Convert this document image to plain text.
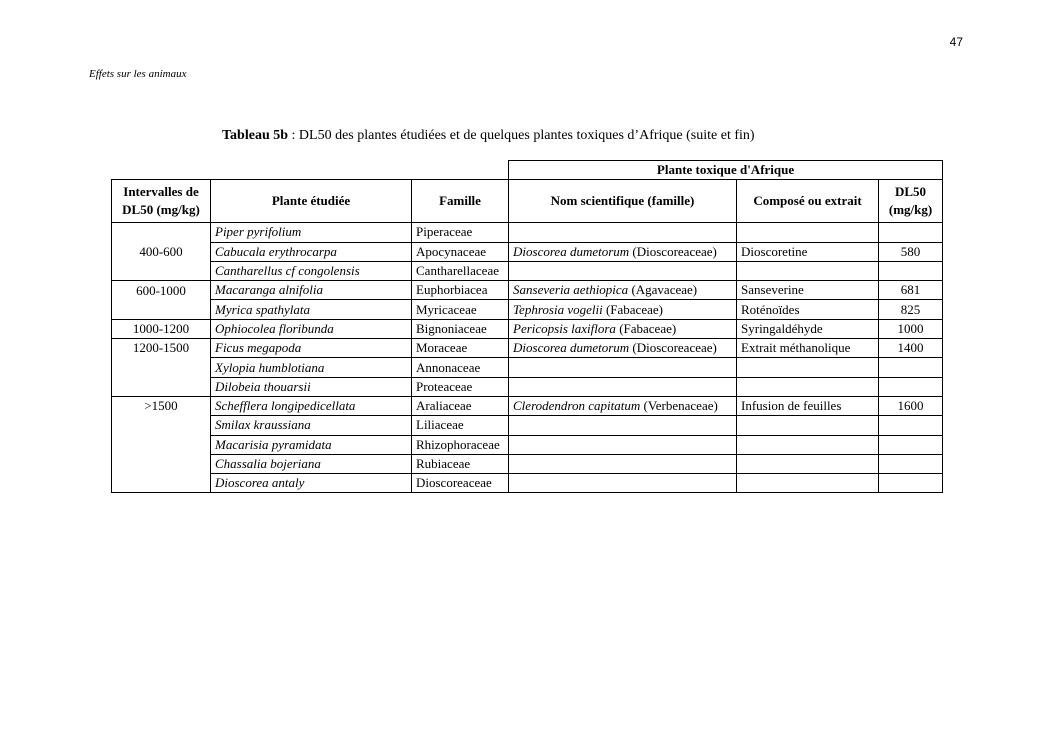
47
Effets sur les animaux
Tableau 5b : DL50 des plantes étudiées et de quelques plantes toxiques d’Afrique (suite et fin)
			Plante toxique d'Afrique		
Intervalles de DL50 (mg/kg)	Plante étudiée	Famille	Nom scientifique (famille)	Composé ou extrait	DL50 (mg/kg)
	Piper pyrifolium	Piperaceae			
400-600	Cabucala erythrocarpa	Apocynaceae	Dioscorea dumetorum (Dioscoreaceae)	Dioscoretine	580
	Cantharellus cf congolensis	Cantharellaceae			
600-1000	Macaranga alnifolia	Euphorbiacea	Sanseveria aethiopica (Agavaceae)	Sanseverine	681
	Myrica spathylata	Myricaceae	Tephrosia vogelii (Fabaceae)	Roténoïdes	825
1000-1200	Ophiocolea floribunda	Bignoniaceae	Pericopsis laxiflora (Fabaceae)	Syringaldéhyde	1000
1200-1500	Ficus megapoda	Moraceae	Dioscorea dumetorum (Dioscoreaceae)	Extrait méthanolique	1400
	Xylopia humblotiana	Annonaceae			
	Dilobeia thouarsii	Proteaceae			
>1500	Schefflera longipedicellata	Araliaceae	Clerodendron capitatum (Verbenaceae)	Infusion de feuilles	1600
	Smilax kraussiana	Liliaceae			
	Macarisia pyramidata	Rhizophoraceae			
	Chassalia bojeriana	Rubiaceae			
	Dioscorea antaly	Dioscoreaceae			
